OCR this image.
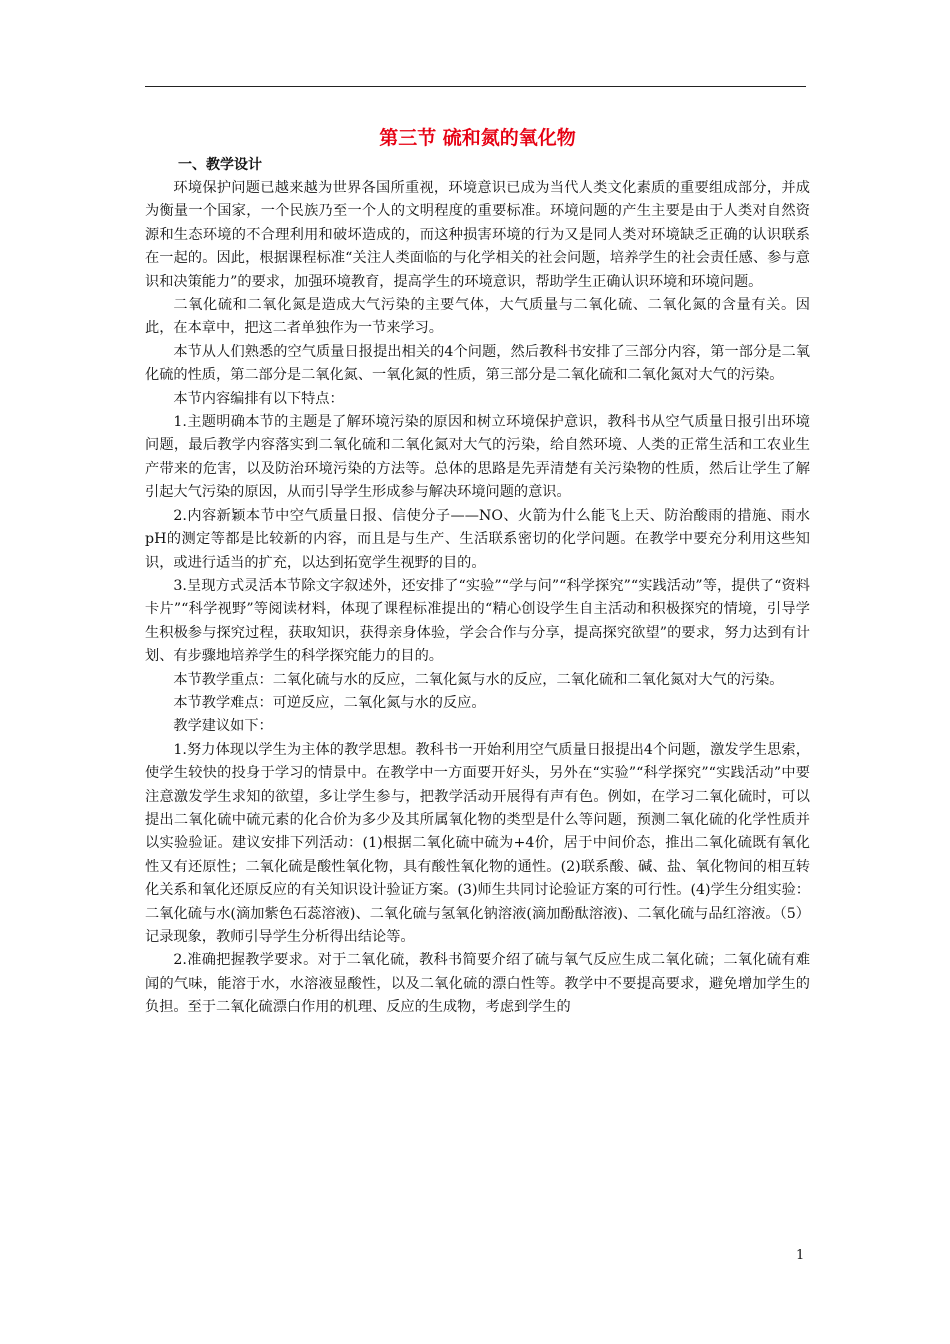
第三节 硫和氮的氧化物
一、教学设计

环境保护问题已越来越为世界各国所重视，环境意识已成为当代人类文化素质的重要组成部分，并成为衡量一个国家，一个民族乃至一个人的文明程度的重要标准。环境问题的产生主要是由于人类对自然资源和生态环境的不合理利用和破坏造成的，而这种损害环境的行为又是同人类对环境缺乏正确的认识联系在一起的。因此，根据课程标准“关注人类面临的与化学相关的社会问题，培养学生的社会责任感、参与意识和决策能力”的要求，加强环境教育，提高学生的环境意识，帮助学生正确认识环境和环境问题。

二氧化硫和二氧化氮是造成大气污染的主要气体，大气质量与二氧化硫、二氧化氮的含量有关。因此，在本章中，把这二者单独作为一节来学习。

本节从人们熟悉的空气质量日报提出相关的4个问题，然后教科书安排了三部分内容，第一部分是二氧化硫的性质，第二部分是二氧化氮、一氧化氮的性质，第三部分是二氧化硫和二氧化氮对大气的污染。

本节内容编排有以下特点：

1.主题明确本节的主题是了解环境污染的原因和树立环境保护意识，教科书从空气质量日报引出环境问题，最后教学内容落实到二氧化硫和二氧化氮对大气的污染，给自然环境、人类的正常生活和工农业生产带来的危害，以及防治环境污染的方法等。总体的思路是先弄清楚有关污染物的性质，然后让学生了解引起大气污染的原因，从而引导学生形成参与解决环境问题的意识。

2.内容新颖本节中空气质量日报、信使分子——NO、火箭为什么能飞上天、防治酸雨的措施、雨水pH的测定等都是比较新的内容，而且是与生产、生活联系密切的化学问题。在教学中要充分利用这些知识，或进行适当的扩充，以达到拓宽学生视野的目的。

3.呈现方式灵活本节除文字叙述外，还安排了“实验”“学与问”“科学探究”“实践活动”等，提供了“资料卡片”“科学视野”等阅读材料，体现了课程标准提出的“精心创设学生自主活动和积极探究的情境，引导学生积极参与探究过程，获取知识，获得亲身体验，学会合作与分享，提高探究欲望”的要求，努力达到有计划、有步骤地培养学生的科学探究能力的目的。

本节教学重点：二氧化硫与水的反应，二氧化氮与水的反应，二氧化硫和二氧化氮对大气的污染。

本节教学难点：可逆反应，二氧化氮与水的反应。

教学建议如下：

1.努力体现以学生为主体的教学思想。教科书一开始利用空气质量日报提出4个问题，激发学生思索，使学生较快的投身于学习的情景中。在教学中一方面要开好头，另外在“实验”“科学探究”“实践活动”中要注意激发学生求知的欲望，多让学生参与，把教学活动开展得有声有色。例如，在学习二氧化硫时，可以提出二氧化硫中硫元素的化合价为多少及其所属氧化物的类型是什么等问题，预测二氧化硫的化学性质并以实验验证。建议安排下列活动：(1)根据二氧化硫中硫为+4价，居于中间价态，推出二氧化硫既有氧化性又有还原性；二氧化硫是酸性氧化物，具有酸性氧化物的通性。(2)联系酸、碱、盐、氧化物间的相互转化关系和氧化还原反应的有关知识设计验证方案。(3)师生共同讨论验证方案的可行性。(4)学生分组实验：二氧化硫与水(滴加紫色石蕊溶液)、二氧化硫与氢氧化钠溶液(滴加酚酞溶液)、二氧化硫与品红溶液。（5）记录现象，教师引导学生分析得出结论等。

2.准确把握教学要求。对于二氧化硫，教科书简要介绍了硫与氧气反应生成二氧化硫；二氧化硫有难闻的气味，能溶于水，水溶液显酸性，以及二氧化硫的漂白性等。教学中不要提高要求，避免增加学生的负担。至于二氧化硫漂白作用的机理、反应的生成物，考虑到学生的

1
